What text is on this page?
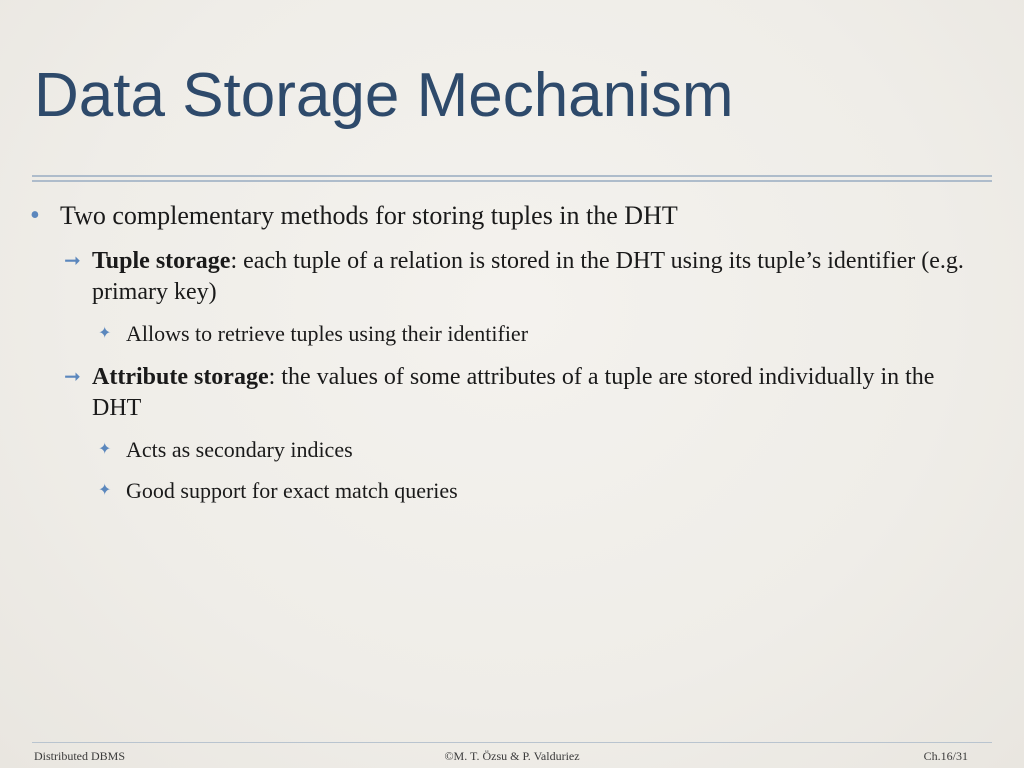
Data Storage Mechanism
• Two complementary methods for storing tuples in the DHT
➞ Tuple storage: each tuple of a relation is stored in the DHT using its tuple’s identifier (e.g. primary key)
✦ Allows to retrieve tuples using their identifier
➞ Attribute storage: the values of some attributes of a tuple are stored individually in the DHT
✦ Acts as secondary indices
✦ Good support for exact match queries
Distributed DBMS	©M. T. Özsu & P. Valduriez	Ch.16/31
